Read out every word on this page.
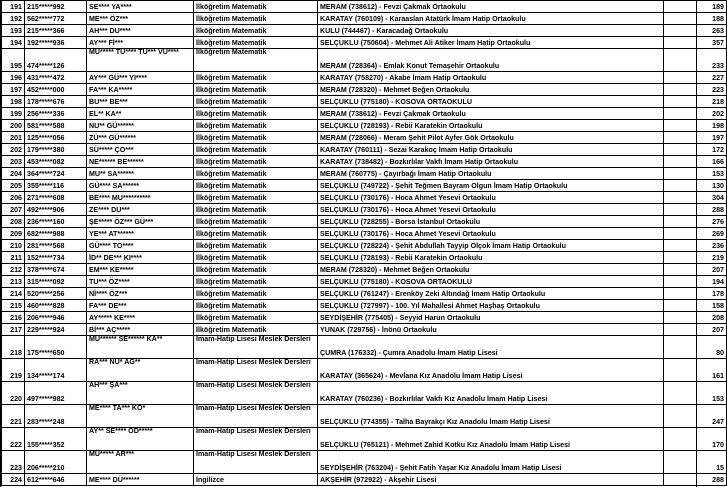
191	215*****992	SE**** YA****	İlköğretim Matematik	MERAM (738612) - Fevzi Çakmak Ortaokulu	189
192	562*****772	ME*** ÖZ***	İlköğretim Matematik	KARATAY (760109) - Karaaslan Atatürk İmam Hatip Ortaokulu	188
193	215*****366	AH*** DU****	İlköğretim Matematik	KULU (744467) - Karacadağ Ortaokulu	263
194	192*****936	AY*** Fİ***	İlköğretim Matematik	SELÇUKLU (750604) - Mehmet Ali Atiker İmam Hatip Ortaokulu	357
195	474*****126	MU***** TU**** TU*** VU****	İlköğretim Matematik	MERAM (728364) - Emlak Konut Temaşehir Ortaokulu	233
196	431*****472	AY*** GÜ*** YI****	İlköğretim Matematik	KARATAY (758270) - Akabe İmam Hatip Ortaokulu	227
197	452*****000	FA*** KA*****	İlköğretim Matematik	MERAM (728320) - Mehmet Beğen Ortaokulu	223
198	178*****676	BU*** BE***	İlköğretim Matematik	SELÇUKLU (775180) - KOSOVA ORTAOKULU	218
199	256*****336	EL** KA**	İlköğretim Matematik	MERAM (738612) - Fevzi Çakmak Ortaokulu	202
200	581*****588	NU** GÜ******	İlköğretim Matematik	SELÇUKLU (728193) - Rebii Karatekin Ortaokulu	198
201	125*****056	ZÜ*** GÜ******	İlköğretim Matematik	MERAM (728066) - Meram Şehit Pilot Ayfer Gök Ortaokulu	197
202	179*****380	SÜ***** ÇO***	İlköğretim Matematik	KARATAY (760111) - Sezai Karakoç İmam Hatip Ortaokulu	172
203	453*****082	NE****** BE******	İlköğretim Matematik	KARATAY (738482) - Bozkırlılar Vakfı İmam Hatip Ortaokulu	166
204	364*****724	MU** SA******	İlköğretim Matematik	MERAM (760775) - Çayırbağı İmam Hatip Ortaokulu	153
205	355*****116	GÜ**** SA******	İlköğretim Matematik	SELÇUKLU (749722) - Şehit Teğmen Bayram Olgun İmam Hatip Ortaokulu	130
206	271*****608	BE**** MU**********	İlköğretim Matematik	SELÇUKLU (730176) - Hoca Ahmet Yesevi Ortaokulu	304
207	492*****906	ZE**** DU***	İlköğretim Matematik	SELÇUKLU (730176) - Hoca Ahmet Yesevi Ortaokulu	288
208	236*****160	ŞE***** ÖZ*** GÜ***	İlköğretim Matematik	SELÇUKLU (728255) - Borsa İstanbul Ortaokulu	276
209	682*****988	YE*** AT******	İlköğretim Matematik	SELÇUKLU (730176) - Hoca Ahmet Yesevi Ortaokulu	269
210	281*****568	GÜ**** TO****	İlköğretim Matematik	SELÇUKLU (728224) - Şehit Abdullah Tayyip Olçok İmam Hatip Ortaokulu	236
211	152*****734	İD** DE*** KI****	İlköğretim Matematik	SELÇUKLU (728193) - Rebii Karatekin Ortaokulu	219
212	378*****674	EM*** KE*****	İlköğretim Matematik	MERAM (728320) - Mehmet Beğen Ortaokulu	207
213	315*****092	TU*** ÖZ****	İlköğretim Matematik	SELÇUKLU (775180) - KOSOVA ORTAOKULU	194
214	520*****256	Nİ**** ÖZ***	İlköğretim Matematik	SELÇUKLU (761247) - Erenköy Zeki Altındağ İmam Hatip Ortaokulu	178
215	460*****828	FA*** DE***	İlköğretim Matematik	SELÇUKLU (727997) - 100. Yıl Mahallesi Ahmet Haşhaş Ortaokulu	158
216	206*****946	AY***** KE****	İlköğretim Matematik	SEYDİŞEHİR (775405) - Seyyid Harun Ortaokulu	208
217	229*****924	Bİ*** AÇ*****	İlköğretim Matematik	YUNAK (729756) - İnönü Ortaokulu	207
218	175*****650	MU****** SE****** KA**	İmam-Hatip Lisesi Meslek Dersleri	ÇUMRA (176332) - Çumra Anadolu İmam Hatip Lisesi	80
219	134*****174	RA*** NU* AG**	İmam-Hatip Lisesi Meslek Dersleri	KARATAY (365624) - Mevlana Kız Anadolu İmam Hatip Lisesi	161
220	497*****982	AH*** ŞA***	İmam-Hatip Lisesi Meslek Dersleri	KARATAY (760236) - Bozkırlılar Vakfı Kız Anadolu İmam Hatip Lisesi	153
221	283*****248	ME**** TA*** KO*	İmam-Hatip Lisesi Meslek Dersleri	SELÇUKLU (774355) - Talha Bayrakçı Kız Anadolu İmam Hatip Lisesi	247
222	155*****352	AY** SE**** OD*****	İmam-Hatip Lisesi Meslek Dersleri	SELÇUKLU (765121) - Mehmet Zahid Kotku Kız Anadolu İmam Hatip Lisesi	170
223	206*****210	MÜ***** AR***	İmam-Hatip Lisesi Meslek Dersleri	SEYDİŞEHİR (763204) - Şehit Fatih Yaşar Kız Anadolu İmam Hatip Lisesi	15
224	612*****646	ME**** DÜ******	İngilizce	AKŞEHİR (972922) - Akşehir Lisesi	288
